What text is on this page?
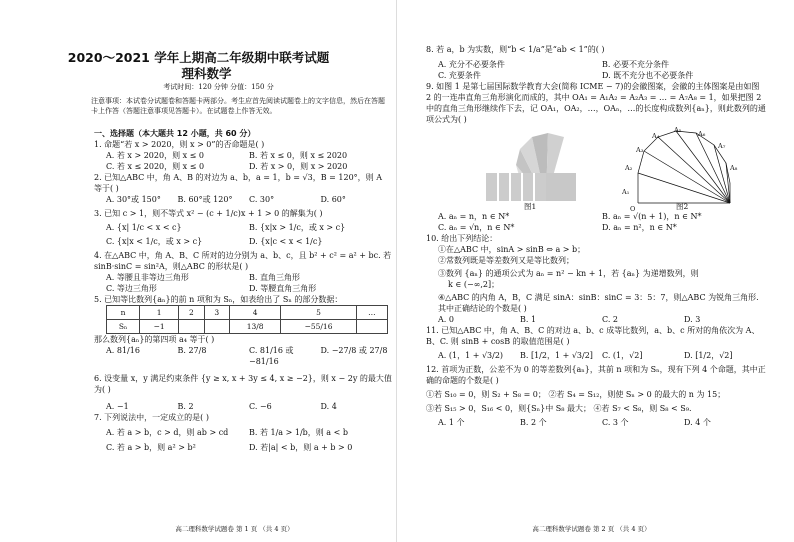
2020～2021 学年上期高二年级期中联考试题
理科数学
考试时间：120 分钟 分值：150 分
注意事项：本试卷分试题卷和答题卡两部分。考生应首先阅读试题卷上的文字信息，然后在答题卡上作答（答题注意事项见答题卡）。在试题卷上作答无效。
一、选择题（本大题共 12 小题，共 60 分）
1. 命题“若 x > 2020，则 x > 0”的否命题是( )
A. 若 x > 2020，则 x ≤ 0	B. 若 x ≤ 0，则 x ≤ 2020
C. 若 x ≤ 2020，则 x ≤ 0	D. 若 x > 0，则 x > 2020
2. 已知△ABC 中，角 A、B 的对边为 a、b，a = 1，b = √3，B = 120°，则 A 等于( )
A. 30°或 150°	B. 60°或 120°	C. 30°	D. 60°
3. 已知 c > 1，则不等式 x² − (c + 1/c)x + 1 > 0 的解集为( )
A. {x| 1/c < x < c}	B. {x|x > 1/c，或 x > c}
C. {x|x < 1/c，或 x > c}	D. {x|c < x < 1/c}
4. 在△ABC 中，角 A、B、C 所对的边分别为 a、b、c，且 b² + c² = a² + bc. 若 sinB·sinC = sin²A，则△ABC 的形状是( )
A. 等腰且非等边三角形	B. 直角三角形
C. 等边三角形	D. 等腰直角三角形
5. 已知等比数列{aₙ}的前 n 项和为 Sₙ，如表给出了 Sₙ 的部分数据：
n	1	2	3	4	5	…
Sₙ	−1			13/8	−55/16	
那么数列{aₙ}的第四项 a₄ 等于( )
A. 81/16	B. 27/8	C. 81/16 或 −81/16
D. −27/8 或 27/8
6. 设变量 x，y 满足约束条件 {y ≥ x, x + 3y ≤ 4, x ≥ −2}，则 x − 2y 的最大值为( )
A. −1	B. 2	C. −6	D. 4
7. 下列说法中，一定成立的是( )
A. 若 a > b，c > d，则 ab > cd	B. 若 1/a > 1/b，则 a < b
C. 若 a > b，则 a² > b²	D. 若|a| < b，则 a + b > 0
高二理科数学试题卷 第 1 页 （共 4 页）
8. 若 a，b 为实数，则“b < 1/a”是“ab < 1”的( )
A. 充分不必要条件	B. 必要不充分条件
C. 充要条件	D. 既不充分也不必要条件
9. 如图 1 是第七届国际数学教育大会(简称 ICME − 7)的会徽图案，会徽的主体图案是由如图 2 的一连串直角三角形演化而成的，其中 OA₁ = A₁A₂ = A₂A₃ = … = A₇A₈ = 1，如果把图 2 中的直角三角形继续作下去，记 OA₁，OA₂，…，OAₙ，…的长度构成数列{aₙ}，则此数列的通项公式为( )
O
A₁
A₂
A₃
A₄
A₅	A₆
A₇
A₈
图1	图2
A. aₙ = n，n ∈ N*	B. aₙ = √(n + 1)，n ∈ N*
C. aₙ = √n，n ∈ N*	D. aₙ = n²，n ∈ N*
10. 给出下列结论：
①在△ABC 中，sinA > sinB ⇔ a > b；
②常数列既是等差数列又是等比数列；
③数列 {aₙ} 的通项公式为 aₙ = n² − kn + 1，若 {aₙ} 为递增数列，则
k ∈ (−∞,2]；
④△ABC 的内角 A，B，C 满足 sinA：sinB：sinC = 3：5：7，则△ABC 为锐角三角形. 其中正确结论的个数是( )
A. 0	B. 1	C. 2	D. 3
11. 已知△ABC 中，角 A、B、C 的对边 a、b、c 成等比数列，a、b、c 所对的角依次为 A、B、C. 则 sinB + cosB 的取值范围是( )
A. (1，1 + √3/2)	B. [1/2，1 + √3/2]	C. (1，√2]	D. [1/2，√2]
12. 首项为正数，公差不为 0 的等差数列{aₙ}，其前 n 项和为 Sₙ，现有下列 4 个命题，其中正确的命题的个数是( )
①若 S₁₀ = 0，则 S₂ + S₈ = 0； ②若 S₄ = S₁₂，则使 Sₙ > 0 的最大的 n 为 15；
③若 S₁₅ > 0，S₁₆ < 0，则{Sₙ}中 S₈ 最大； ④若 S₇ < S₈，则 S₈ < S₉.
A. 1 个	B. 2 个	C. 3 个	D. 4 个
高二理科数学试题卷 第 2 页 （共 4 页）
